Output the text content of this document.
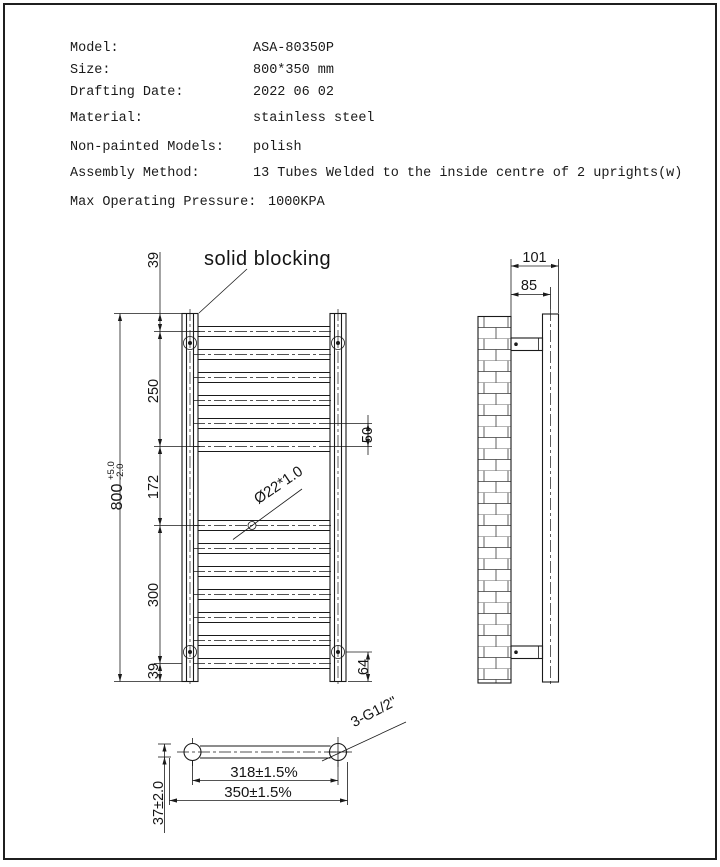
Model:	ASA-80350P
Size:	800*350 mm
Drafting Date:	2022 06 02
Material:	stainless steel
Non-painted Models: polish
Assembly Method:	13 Tubes Welded to the inside centre of 2 uprights(w)
Max Operating Pressure: 1000KPA
solid blocking
39
250
172
300
39
800
+5.0
-2.0
50
64
Ø22*1.0
101
85
318±1.5%
350±1.5%
37±2.0
3-G1/2"
